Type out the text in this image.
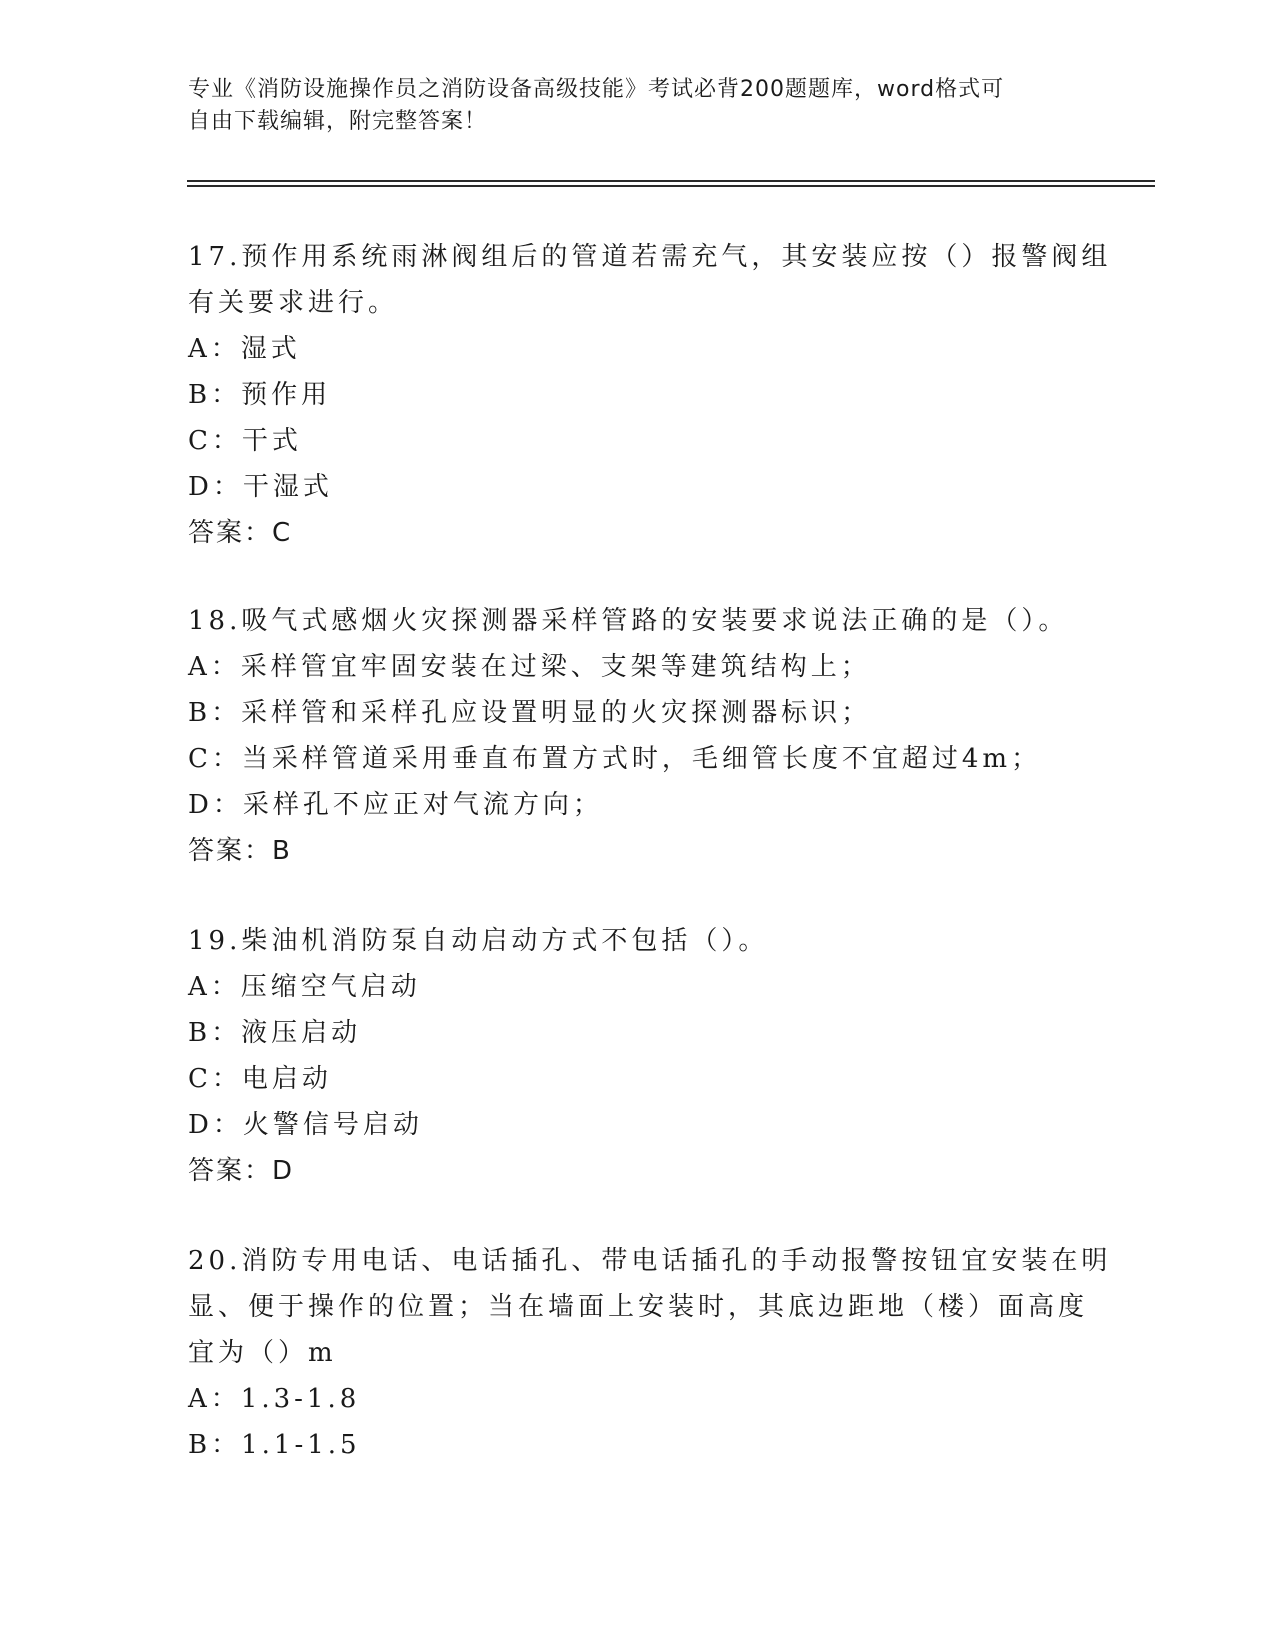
专业《消防设施操作员之消防设备高级技能》考试必背200题题库，word格式可
自由下载编辑，附完整答案！
17.预作用系统雨淋阀组后的管道若需充气，其安装应按（）报警阀组
有关要求进行。
A：湿式
B：预作用
C：干式
D：干湿式
答案：C
18.吸气式感烟火灾探测器采样管路的安装要求说法正确的是（）。
A：采样管宜牢固安装在过梁、支架等建筑结构上；
B：采样管和采样孔应设置明显的火灾探测器标识；
C：当采样管道采用垂直布置方式时，毛细管长度不宜超过4m；
D：采样孔不应正对气流方向；
答案：B
19.柴油机消防泵自动启动方式不包括（）。
A：压缩空气启动
B：液压启动
C：电启动
D：火警信号启动
答案：D
20.消防专用电话、电话插孔、带电话插孔的手动报警按钮宜安装在明
显、便于操作的位置；当在墙面上安装时，其底边距地（楼）面高度
宜为（）m
A：1.3-1.8
B：1.1-1.5
